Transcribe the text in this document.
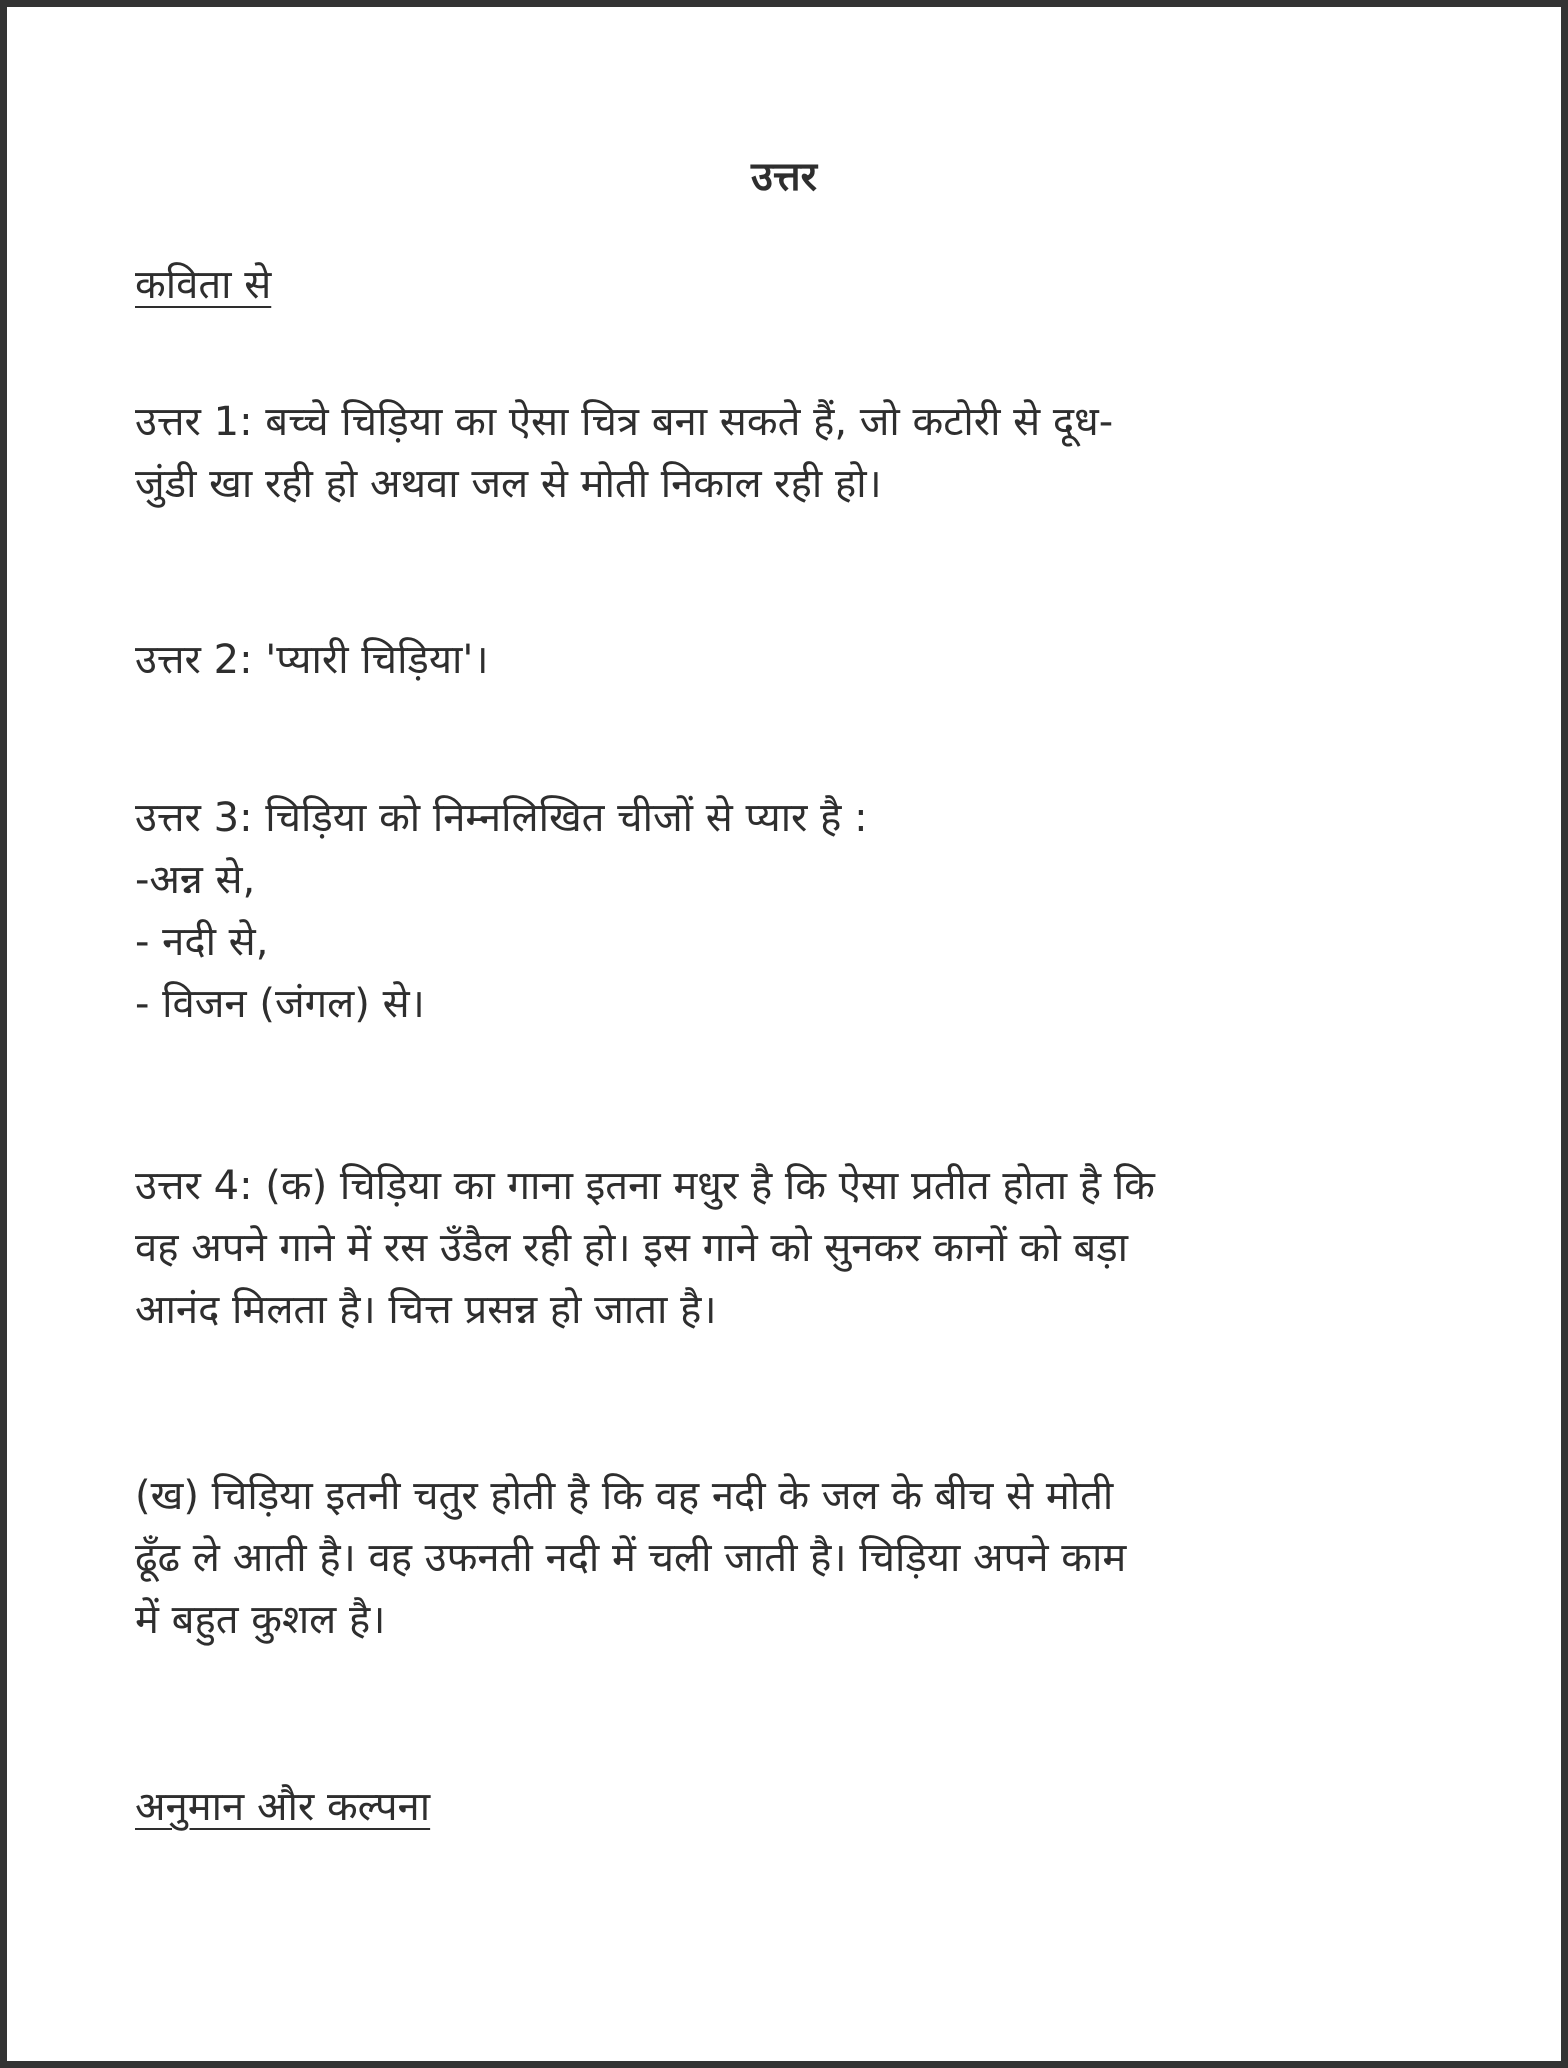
उत्तर
कविता से
उत्तर 1: बच्चे चिड़िया का ऐसा चित्र बना सकते हैं, जो कटोरी से दूध-
जुंडी खा रही हो अथवा जल से मोती निकाल रही हो।
उत्तर 2: 'प्यारी चिड़िया'।
उत्तर 3: चिड़िया को निम्नलिखित चीजों से प्यार है :
-अन्न से,
- नदी से,
- विजन (जंगल) से।
उत्तर 4: (क) चिड़िया का गाना इतना मधुर है कि ऐसा प्रतीत होता है कि
वह अपने गाने में रस उँडैल रही हो। इस गाने को सुनकर कानों को बड़ा
आनंद मिलता है। चित्त प्रसन्न हो जाता है।
(ख) चिड़िया इतनी चतुर होती है कि वह नदी के जल के बीच से मोती
ढूँढ ले आती है। वह उफनती नदी में चली जाती है। चिड़िया अपने काम
में बहुत कुशल है।
अनुमान और कल्पना
